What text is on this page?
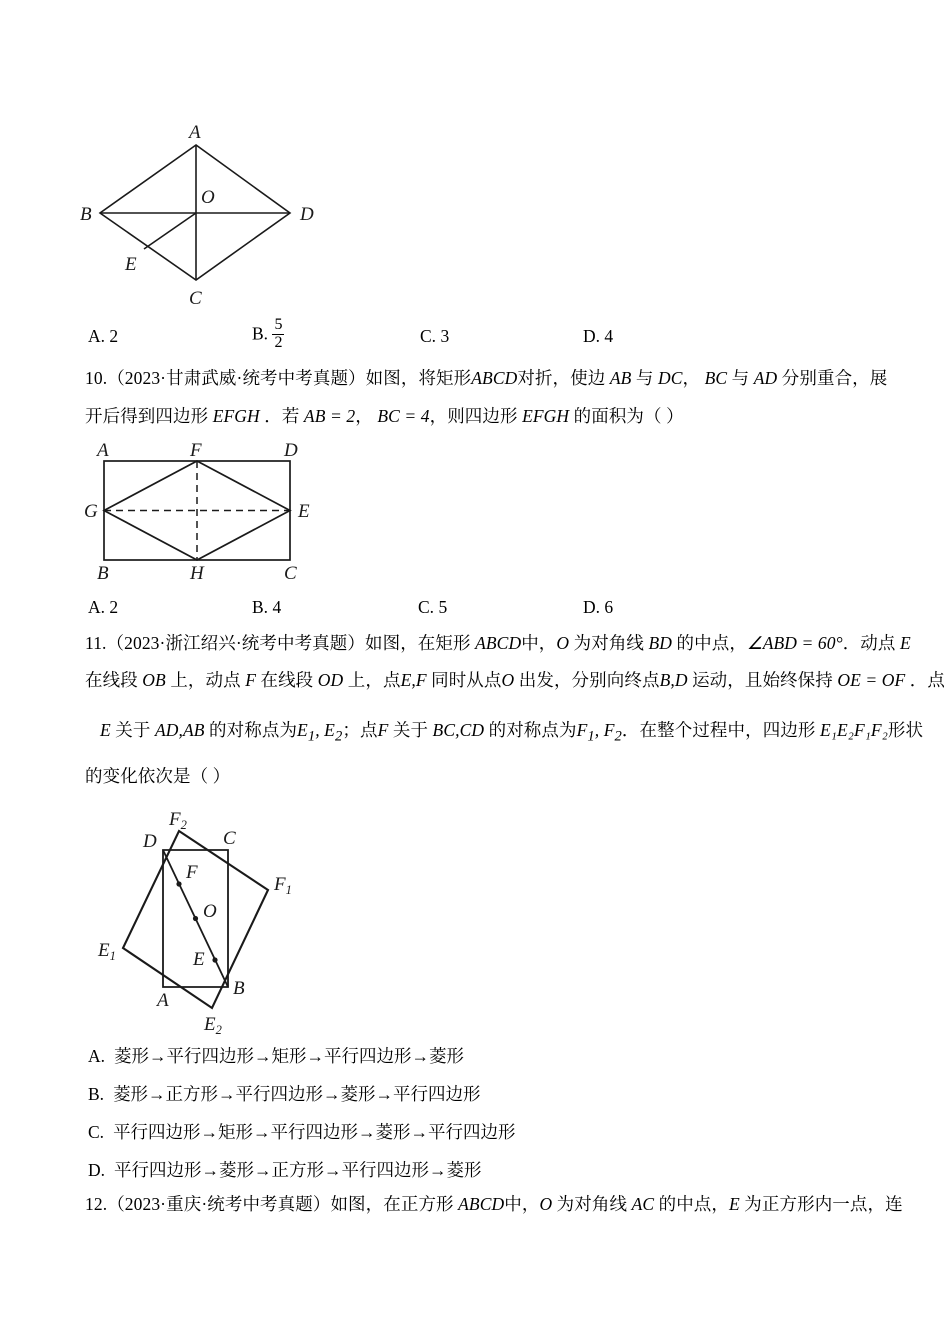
A
B
C
D
O
E
A. 2	B. $\frac{5}{2}$	C. 3	D. 4
10.（2023·甘肃武威·统考中考真题）如图，将矩形ABCD对折，使边 AB 与 DC， BC 与 AD 分别重合，展
开后得到四边形 EFGH ．若 AB = 2， BC = 4，则四边形 EFGH 的面积为（ ）
A	F	D
G	E
B	H	C
A. 2	B. 4	C. 5	D. 6
11.（2023·浙江绍兴·统考中考真题）如图，在矩形 ABCD中，O 为对角线 BD 的中点，∠ABD = 60°．动点 E
在线段 OB 上，动点 F 在线段 OD 上，点E,F 同时从点O 出发，分别向终点B,D 运动，且始终保持 OE = OF ．点
E 关于 AD,AB 的对称点为$E_1$, $E_2$；点F 关于 BC,CD 的对称点为$F_1$, $F_2$．在整个过程中，四边形 E₁E₂F₁F₂形状
的变化依次是（ ）
$F_2$
D	C
$F_1$
F
O
E
$E_1$
A
B
$E_2$
A. 菱形→平行四边形→矩形→平行四边形→菱形
B. 菱形→正方形→平行四边形→菱形→平行四边形
C. 平行四边形→矩形→平行四边形→菱形→平行四边形
D. 平行四边形→菱形→正方形→平行四边形→菱形
12.（2023·重庆·统考中考真题）如图，在正方形 ABCD中，O 为对角线 AC 的中点，E 为正方形内一点，连
